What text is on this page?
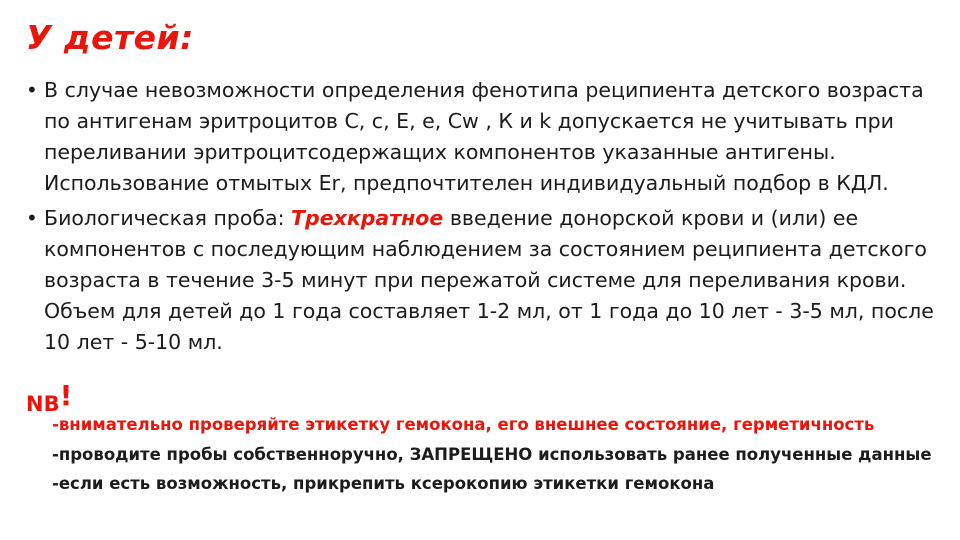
У детей:
• В случае невозможности определения фенотипа реципиента детского возраста по антигенам эритроцитов С, с, Е, е, Сw , К и k допускается не учитывать при переливании эритроцитсодержащих компонентов указанные антигены. Использование отмытых Er, предпочтителен индивидуальный подбор в КДЛ.
• Биологическая проба: Трехкратное введение донорской крови и (или) ее компонентов с последующим наблюдением за состоянием реципиента детского возраста в течение 3-5 минут при пережатой системе для переливания крови. Объем для детей до 1 года составляет 1-2 мл, от 1 года до 10 лет - 3-5 мл, после 10 лет - 5-10 мл.
NB!
-внимательно проверяйте этикетку гемокона, его внешнее состояние, герметичность
-проводите пробы собственноручно, ЗАПРЕЩЕНО использовать ранее полученные данные
-если есть возможность, прикрепить ксерокопию этикетки гемокона
